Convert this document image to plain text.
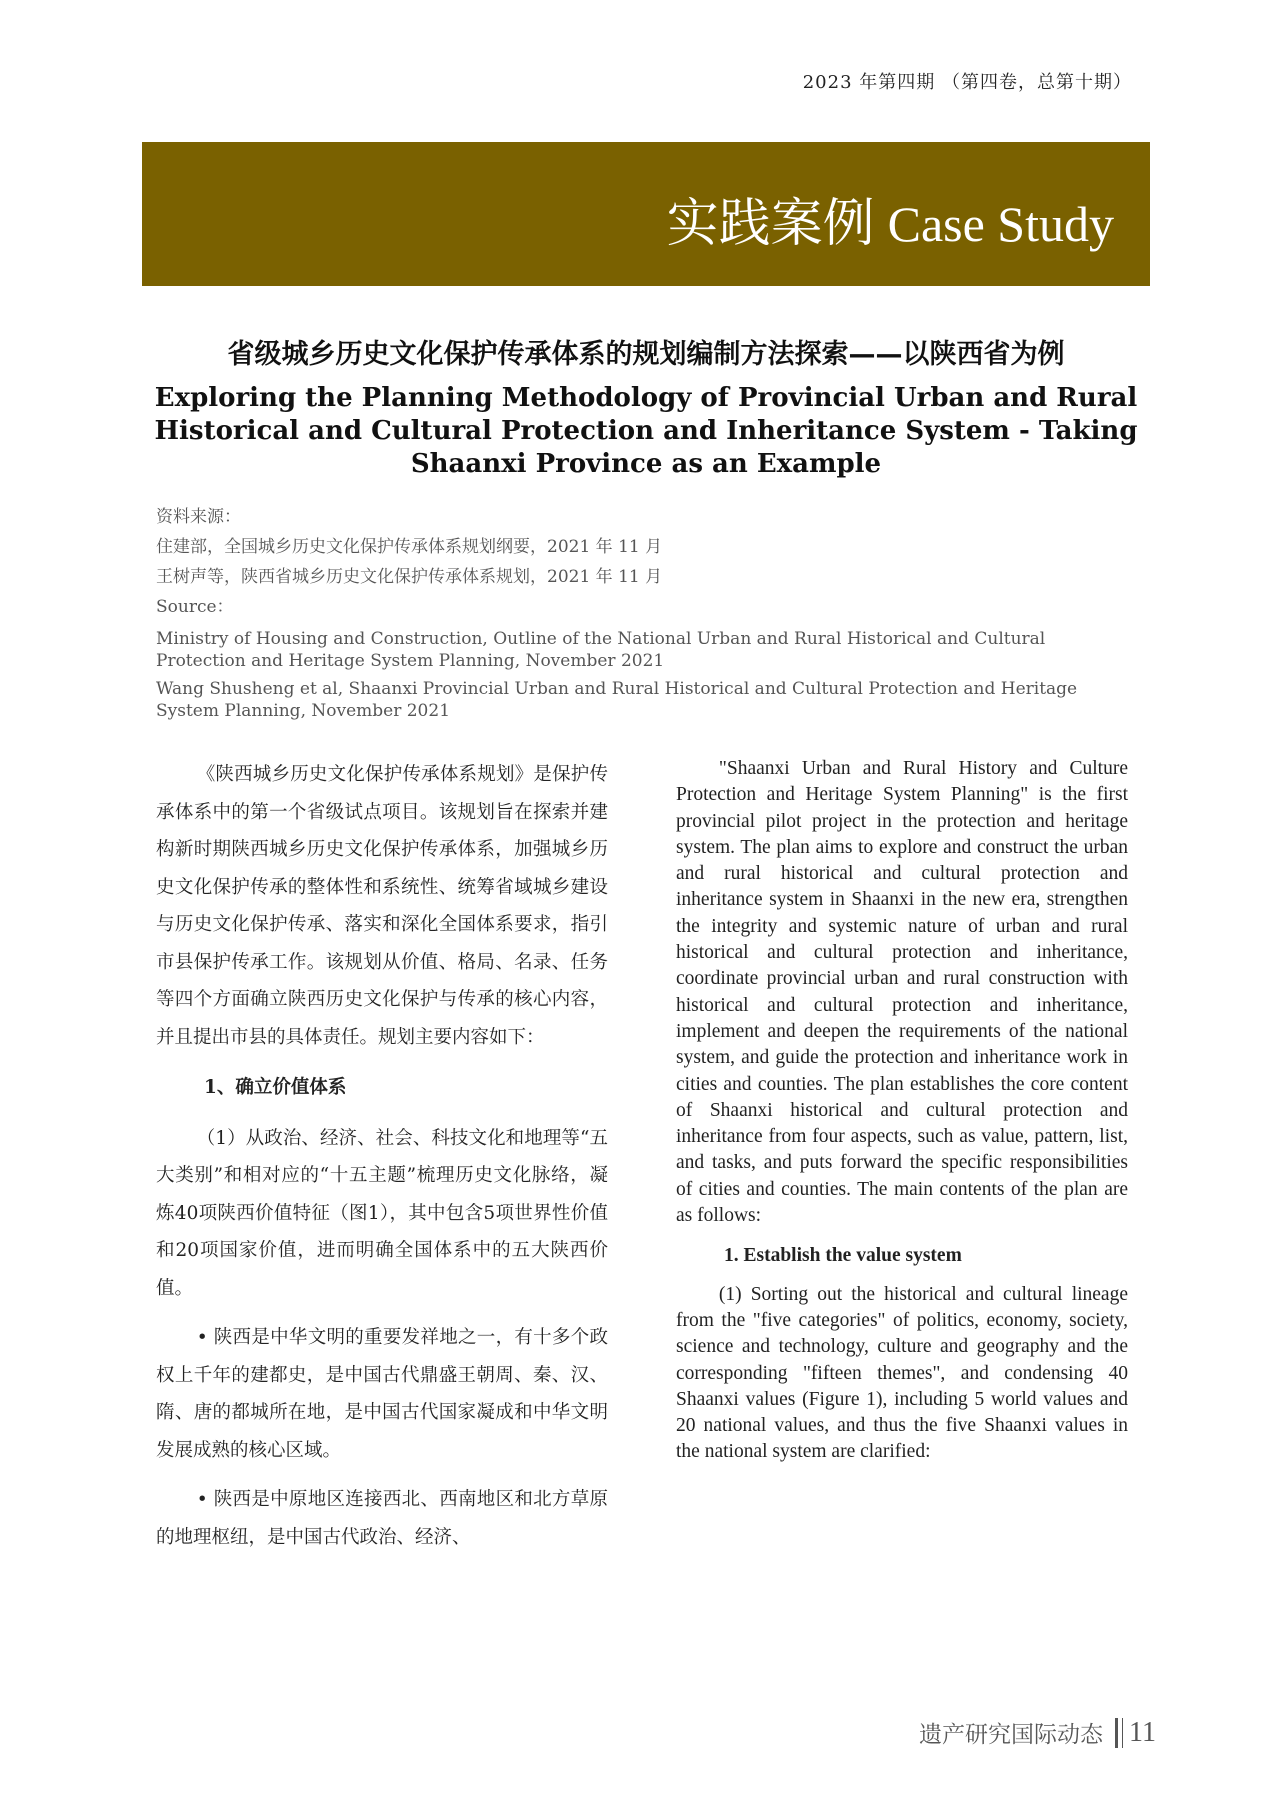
2023 年第四期 （第四卷，总第十期）
实践案例 Case Study
省级城乡历史文化保护传承体系的规划编制方法探索——以陕西省为例
Exploring the Planning Methodology of Provincial Urban and Rural Historical and Cultural Protection and Inheritance System - Taking Shaanxi Province as an Example

资料来源：

住建部，全国城乡历史文化保护传承体系规划纲要，2021 年 11 月

王树声等，陕西省城乡历史文化保护传承体系规划，2021 年 11 月

Source：

Ministry of Housing and Construction, Outline of the National Urban and Rural Historical and Cultural Protection and Heritage System Planning, November 2021

Wang Shusheng et al, Shaanxi Provincial Urban and Rural Historical and Cultural Protection and Heritage System Planning, November 2021

《陕西城乡历史文化保护传承体系规划》是保护传承体系中的第一个省级试点项目。该规划旨在探索并建构新时期陕西城乡历史文化保护传承体系，加强城乡历史文化保护传承的整体性和系统性、统筹省域城乡建设与历史文化保护传承、落实和深化全国体系要求，指引市县保护传承工作。该规划从价值、格局、名录、任务等四个方面确立陕西历史文化保护与传承的核心内容，并且提出市县的具体责任。规划主要内容如下：

1、确立价值体系

（1）从政治、经济、社会、科技文化和地理等“五大类别”和相对应的“十五主题”梳理历史文化脉络，凝炼40项陕西价值特征（图1），其中包含5项世界性价值和20项国家价值，进而明确全国体系中的五大陕西价值。

• 陕西是中华文明的重要发祥地之一，有十多个政权上千年的建都史，是中国古代鼎盛王朝周、秦、汉、隋、唐的都城所在地，是中国古代国家凝成和中华文明发展成熟的核心区域。

• 陕西是中原地区连接西北、西南地区和北方草原的地理枢纽，是中国古代政治、经济、

"Shaanxi Urban and Rural History and Culture Protection and Heritage System Planning" is the first provincial pilot project in the protection and heritage system. The plan aims to explore and construct the urban and rural historical and cultural protection and inheritance system in Shaanxi in the new era, strengthen the integrity and systemic nature of urban and rural historical and cultural protection and inheritance, coordinate provincial urban and rural construction with historical and cultural protection and inheritance, implement and deepen the requirements of the national system, and guide the protection and inheritance work in cities and counties. The plan establishes the core content of Shaanxi historical and cultural protection and inheritance from four aspects, such as value, pattern, list, and tasks, and puts forward the specific responsibilities of cities and counties. The main contents of the plan are as follows:

1. Establish the value system

(1) Sorting out the historical and cultural lineage from the "five categories" of politics, economy, society, science and technology, culture and geography and the corresponding "fifteen themes", and condensing 40 Shaanxi values (Figure 1), including 5 world values and 20 national values, and thus the five Shaanxi values in the national system are clarified:

遗产研究国际动态 11
